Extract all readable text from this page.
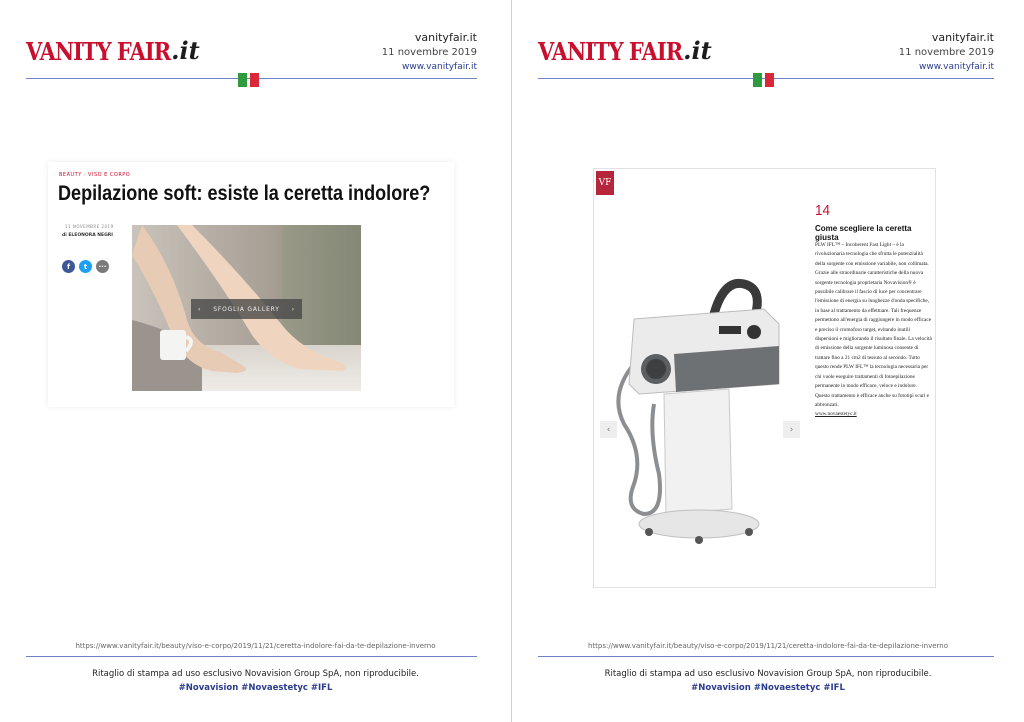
VANITY FAIR .it	vanityfair.it
11 novembre 2019
www.vanityfair.it
BEAUTY · VISO E CORPO
Depilazione soft: esiste la ceretta indolore?
11 NOVEMBRE 2019
di ELEONORA NEGRI
f	t	···
‹ SFOGLIA GALLERY ›
https://www.vanityfair.it/beauty/viso-e-corpo/2019/11/21/ceretta-indolore-fai-da-te-depilazione-inverno
Ritaglio di stampa ad uso esclusivo Novavision Group SpA, non riproducibile.
#Novavision #Novaestetyc #IFL
VANITY FAIR .it	vanityfair.it
11 novembre 2019
www.vanityfair.it
VF
‹	›
14
Come scegliere la ceretta giusta
PLW IFL™ – Incoherent Fast Light – è la rivoluzionaria tecnologia che sfrutta le potenzialità della sorgente con emissione variabile, non collimata. Grazie alle straordinarie caratteristiche della nuova sorgente tecnologia proprietaria Novavision® è possibile calibrare il fascio di luce per concentrare l'emissione di energia su lunghezze d'onda specifiche, in base al trattamento da effettuare. Tali frequenze permettono all'energia di raggiungere in modo efficace e preciso il cromoforo target, evitando inutili dispersioni e migliorando il risultato finale. La velocità di emissione della sorgente luminosa consente di trattare fino a 21 cm2 di tessuto al secondo. Tutto questo rende PLW IFL™ la tecnologia necessaria per chi vuole eseguire trattamenti di fotoepilazione permanente in modo efficace, veloce e indolore. Questo trattamento è efficace anche su fototipi scuri e abbronzati.
www.novaestetyc.it
https://www.vanityfair.it/beauty/viso-e-corpo/2019/11/21/ceretta-indolore-fai-da-te-depilazione-inverno
Ritaglio di stampa ad uso esclusivo Novavision Group SpA, non riproducibile.
#Novavision #Novaestetyc #IFL
